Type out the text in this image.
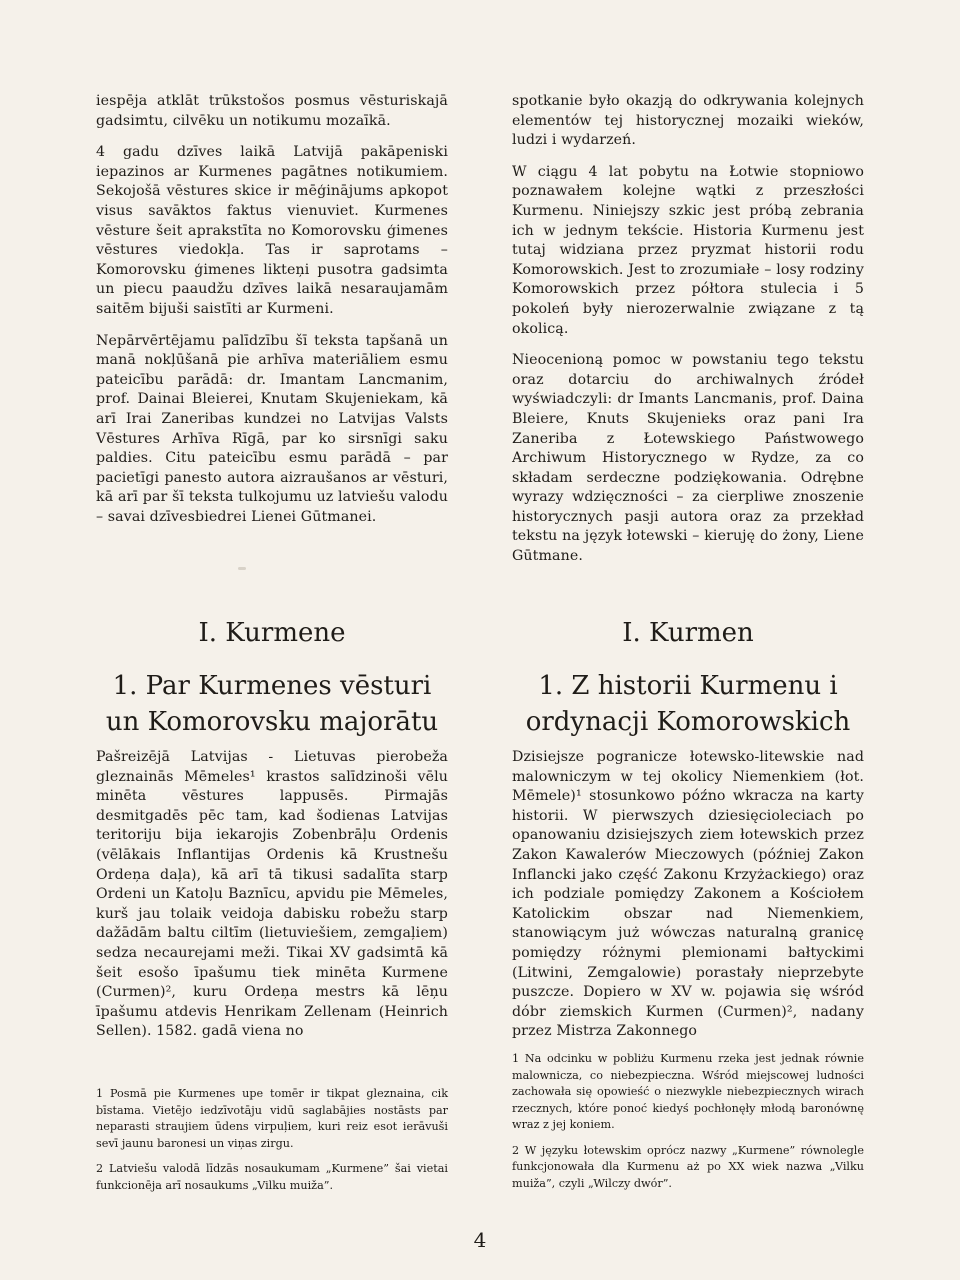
iespēja atklāt trūkstošos posmus vēsturiskajā gadsimtu, cilvēku un notikumu mozaīkā.

4 gadu dzīves laikā Latvijā pakāpeniski iepazinos ar Kurmenes pagātnes notikumiem. Sekojošā vēstures skice ir mēģinājums apkopot visus savāktos faktus vienuviet. Kurmenes vēsture šeit aprakstīta no Komorovsku ģimenes vēstures viedokļa. Tas ir saprotams – Komorovsku ģimenes likteņi pusotra gadsimta un piecu paaudžu dzīves laikā nesaraujamām saitēm bijuši saistīti ar Kurmeni.

Nepārvērtējamu palīdzību šī teksta tapšanā un manā nokļūšanā pie arhīva materiāliem esmu pateicību parādā: dr. Imantam Lancmanim, prof. Dainai Bleierei, Knutam Skujeniekam, kā arī Irai Zaneribas kundzei no Latvijas Valsts Vēstures Arhīva Rīgā, par ko sirsnīgi saku paldies. Citu pateicību esmu parādā – par pacietīgi panesto autora aizraušanos ar vēsturi, kā arī par šī teksta tulkojumu uz latviešu valodu – savai dzīvesbiedrei Lienei Gūtmanei.

I. Kurmene
1. Par Kurmenes vēsturi un Komorovsku majorātu

Pašreizējā Latvijas - Lietuvas pierobeža gleznainās Mēmeles¹ krastos salīdzinoši vēlu minēta vēstures lappusēs. Pirmajās desmitgadēs pēc tam, kad šodienas Latvijas teritoriju bija iekarojis Zobenbrāļu Ordenis (vēlākais Inflantijas Ordenis kā Krustnešu Ordeņa daļa), kā arī tā tikusi sadalīta starp Ordeni un Katoļu Baznīcu, apvidu pie Mēmeles, kurš jau tolaik veidoja dabisku robežu starp dažādām baltu ciltīm (lietuviešiem, zemgaļiem) sedza necaurejami meži. Tikai XV gadsimtā kā šeit esošo īpašumu tiek minēta Kurmene (Curmen)², kuru Ordeņa mestrs kā lēņu īpašumu atdevis Henrikam Zellenam (Heinrich Sellen). 1582. gadā viena no

1 Posmā pie Kurmenes upe tomēr ir tikpat gleznaina, cik bīstama. Vietējo iedzīvotāju vidū saglabājies nostāsts par neparasti straujiem ūdens virpuļiem, kuri reiz esot ierāvuši sevī jaunu baronesi un viņas zirgu.

2 Latviešu valodā līdzās nosaukumam „Kurmene” šai vietai funkcionēja arī nosaukums „Vilku muiža”.

spotkanie było okazją do odkrywania kolejnych elementów tej historycznej mozaiki wieków, ludzi i wydarzeń.

W ciągu 4 lat pobytu na Łotwie stopniowo poznawałem kolejne wątki z przeszłości Kurmenu. Niniejszy szkic jest próbą zebrania ich w jednym tekście. Historia Kurmenu jest tutaj widziana przez pryzmat historii rodu Komorowskich. Jest to zrozumiałe – losy rodziny Komorowskich przez półtora stulecia i 5 pokoleń były nierozerwalnie związane z tą okolicą.

Nieocenioną pomoc w powstaniu tego tekstu oraz dotarciu do archiwalnych źródeł wyświadczyli: dr Imants Lancmanis, prof. Daina Bleiere, Knuts Skujenieks oraz pani Ira Zaneriba z Łotewskiego Państwowego Archiwum Historycznego w Rydze, za co składam serdeczne podziękowania. Odrębne wyrazy wdzięczności – za cierpliwe znoszenie historycznych pasji autora oraz za przekład tekstu na język łotewski – kieruję do żony, Liene Gūtmane.

I. Kurmen
1. Z historii Kurmenu i ordynacji Komorowskich

Dzisiejsze pogranicze łotewsko-litewskie nad malowniczym w tej okolicy Niemenkiem (łot. Mēmele)¹ stosunkowo późno wkracza na karty historii. W pierwszych dziesięcioleciach po opanowaniu dzisiejszych ziem łotewskich przez Zakon Kawalerów Mieczowych (później Zakon Inflancki jako część Zakonu Krzyżackiego) oraz ich podziale pomiędzy Zakonem a Kościołem Katolickim obszar nad Niemenkiem, stanowiącym już wówczas naturalną granicę pomiędzy różnymi plemionami bałtyckimi (Litwini, Zemgalowie) porastały nieprzebyte puszcze. Dopiero w XV w. pojawia się wśród dóbr ziemskich Kurmen (Curmen)², nadany przez Mistrza Zakonnego

1 Na odcinku w pobliżu Kurmenu rzeka jest jednak równie malownicza, co niebezpieczna. Wśród miejscowej ludności zachowała się opowieść o niezwykle niebezpiecznych wirach rzecznych, które ponoć kiedyś pochłonęły młodą baronównę wraz z jej koniem.

2 W języku łotewskim oprócz nazwy „Kurmene” równolegle funkcjonowała dla Kurmenu aż po XX wiek nazwa „Vilku muiža”, czyli „Wilczy dwór”.

4
